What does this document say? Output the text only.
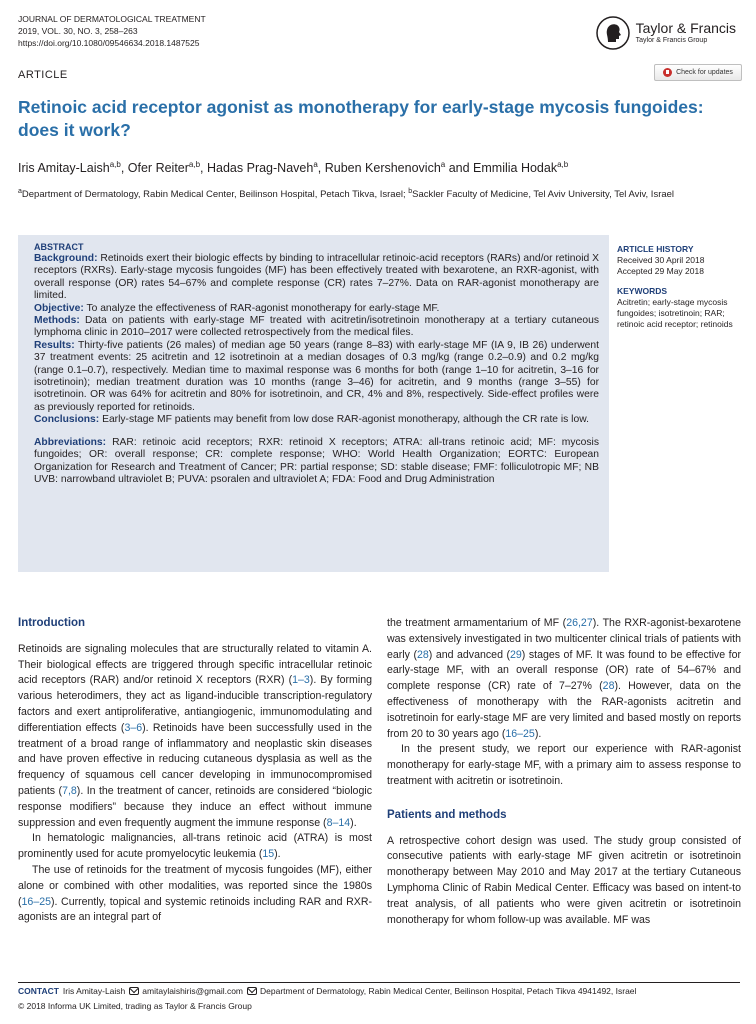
JOURNAL OF DERMATOLOGICAL TREATMENT
2019, VOL. 30, NO. 3, 258–263
https://doi.org/10.1080/09546634.2018.1487525
Taylor & Francis
Taylor & Francis Group
ARTICLE	Check for updates
Retinoic acid receptor agonist as monotherapy for early-stage mycosis fungoides: does it work?
Iris Amitay-Laish$^{a,b}$, Ofer Reiter$^{a,b}$, Hadas Prag-Naveh$^a$, Ruben Kershenovich$^a$ and Emmilia Hodak$^{a,b}$
$^a$Department of Dermatology, Rabin Medical Center, Beilinson Hospital, Petach Tikva, Israel; $^b$Sackler Faculty of Medicine, Tel Aviv University, Tel Aviv, Israel
ABSTRACT

Background: Retinoids exert their biologic effects by binding to intracellular retinoic-acid receptors (RARs) and/or retinoid X receptors (RXRs). Early-stage mycosis fungoides (MF) has been effectively treated with bexarotene, an RXR-agonist, with overall response (OR) rates 54–67% and complete response (CR) rates 7–27%. Data on RAR-agonist monotherapy are limited.

Objective: To analyze the effectiveness of RAR-agonist monotherapy for early-stage MF.

Methods: Data on patients with early-stage MF treated with acitretin/isotretinoin monotherapy at a tertiary cutaneous lymphoma clinic in 2010–2017 were collected retrospectively from the medical files.

Results: Thirty-five patients (26 males) of median age 50 years (range 8–83) with early-stage MF (IA 9, IB 26) underwent 37 treatment events: 25 acitretin and 12 isotretinoin at a median dosages of 0.3 mg/kg (range 0.2–0.9) and 0.2 mg/kg (range 0.1–0.7), respectively. Median time to maximal response was 6 months for both (range 1–10 for acitretin, 3–16 for isotretinoin); median treatment duration was 10 months (range 3–46) for acitretin, and 9 months (range 3–55) for isotretinoin. OR was 64% for acitretin and 80% for isotretinoin, and CR, 4% and 8%, respectively. Side-effect profiles were as previously reported for retinoids.

Conclusions: Early-stage MF patients may benefit from low dose RAR-agonist monotherapy, although the CR rate is low.

Abbreviations: RAR: retinoic acid receptors; RXR: retinoid X receptors; ATRA: all-trans retinoic acid; MF: mycosis fungoides; OR: overall response; CR: complete response; WHO: World Health Organization; EORTC: European Organization for Research and Treatment of Cancer; PR: partial response; SD: stable disease; FMF: folliculotropic MF; NB UVB: narrowband ultraviolet B; PUVA: psoralen and ultraviolet A; FDA: Food and Drug Administration

ARTICLE HISTORY
Received 30 April 2018
Accepted 29 May 2018
KEYWORDS
Acitretin; early-stage mycosis fungoides; isotretinoin; RAR; retinoic acid receptor; retinoids
Introduction

Retinoids are signaling molecules that are structurally related to vitamin A. Their biological effects are triggered through specific intracellular retinoic acid receptors (RAR) and/or retinoid X receptors (RXR) (1–3). By forming various heterodimers, they act as ligand-inducible transcription-regulatory factors and exert antiproliferative, antiangiogenic, immunomodulating and differentiation effects (3–6). Retinoids have been successfully used in the treatment of a broad range of inflammatory and neoplastic skin diseases and have proven effective in reducing cutaneous dysplasia as well as the frequency of squamous cell cancer developing in immunocompromised patients (7,8). In the treatment of cancer, retinoids are considered “biologic response modifiers” because they induce an effect without immune suppression and even frequently augment the immune response (8–14).

In hematologic malignancies, all-trans retinoic acid (ATRA) is most prominently used for acute promyelocytic leukemia (15).

The use of retinoids for the treatment of mycosis fungoides (MF), either alone or combined with other modalities, was reported since the 1980s (16–25). Currently, topical and systemic retinoids including RAR and RXR-agonists are an integral part of

the treatment armamentarium of MF (26,27). The RXR-agonist-bexarotene was extensively investigated in two multicenter clinical trials of patients with early (28) and advanced (29) stages of MF. It was found to be effective for early-stage MF, with an overall response (OR) rate of 54–67% and complete response (CR) rate of 7–27% (28). However, data on the effectiveness of monotherapy with the RAR-agonists acitretin and isotretinoin for early-stage MF are very limited and based mostly on reports from 20 to 30 years ago (16–25).

In the present study, we report our experience with RAR-agonist monotherapy for early-stage MF, with a primary aim to assess response to treatment with acitretin or isotretinoin.

Patients and methods

A retrospective cohort design was used. The study group consisted of consecutive patients with early-stage MF given acitretin or isotretinoin monotherapy between May 2010 and May 2017 at the tertiary Cutaneous Lymphoma Clinic of Rabin Medical Center. Efficacy was based on intent-to treat analysis, of all patients who were given acitretin or isotretinoin monotherapy for whom follow-up was available. MF was

CONTACT Iris Amitay-Laish amitaylaishiris@gmail.com Department of Dermatology, Rabin Medical Center, Beilinson Hospital, Petach Tikva 4941492, Israel
© 2018 Informa UK Limited, trading as Taylor & Francis Group
